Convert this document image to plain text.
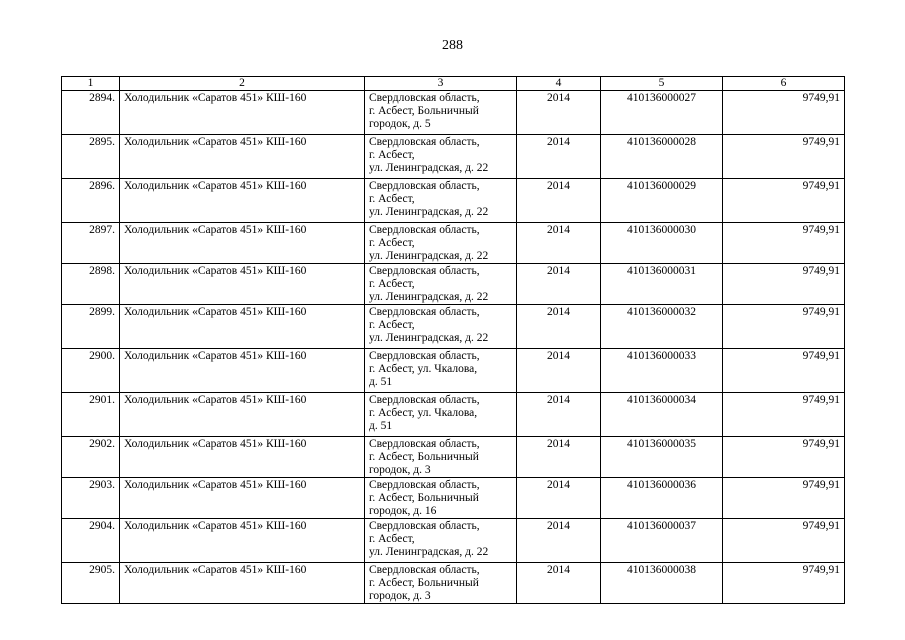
288
1	2	3	4	5	6
2894.	Холодильник «Саратов 451» КШ-160	Свердловская область,
г. Асбест, Больничный
городок, д. 5	2014	410136000027	9749,91
2895.	Холодильник «Саратов 451» КШ-160	Свердловская область,
г. Асбест,
ул. Ленинградская, д. 22	2014	410136000028	9749,91
2896.	Холодильник «Саратов 451» КШ-160	Свердловская область,
г. Асбест,
ул. Ленинградская, д. 22	2014	410136000029	9749,91
2897.	Холодильник «Саратов 451» КШ-160	Свердловская область,
г. Асбест,
ул. Ленинградская, д. 22	2014	410136000030	9749,91
2898.	Холодильник «Саратов 451» КШ-160	Свердловская область,
г. Асбест,
ул. Ленинградская, д. 22	2014	410136000031	9749,91
2899.	Холодильник «Саратов 451» КШ-160	Свердловская область,
г. Асбест,
ул. Ленинградская, д. 22	2014	410136000032	9749,91
2900.	Холодильник «Саратов 451» КШ-160	Свердловская область,
г. Асбест, ул. Чкалова,
д. 51	2014	410136000033	9749,91
2901.	Холодильник «Саратов 451» КШ-160	Свердловская область,
г. Асбест, ул. Чкалова,
д. 51	2014	410136000034	9749,91
2902.	Холодильник «Саратов 451» КШ-160	Свердловская область,
г. Асбест, Больничный
городок, д. 3	2014	410136000035	9749,91
2903.	Холодильник «Саратов 451» КШ-160	Свердловская область,
г. Асбест, Больничный
городок, д. 16	2014	410136000036	9749,91
2904.	Холодильник «Саратов 451» КШ-160	Свердловская область,
г. Асбест,
ул. Ленинградская, д. 22	2014	410136000037	9749,91
2905.	Холодильник «Саратов 451» КШ-160	Свердловская область,
г. Асбест, Больничный
городок, д. 3	2014	410136000038	9749,91
